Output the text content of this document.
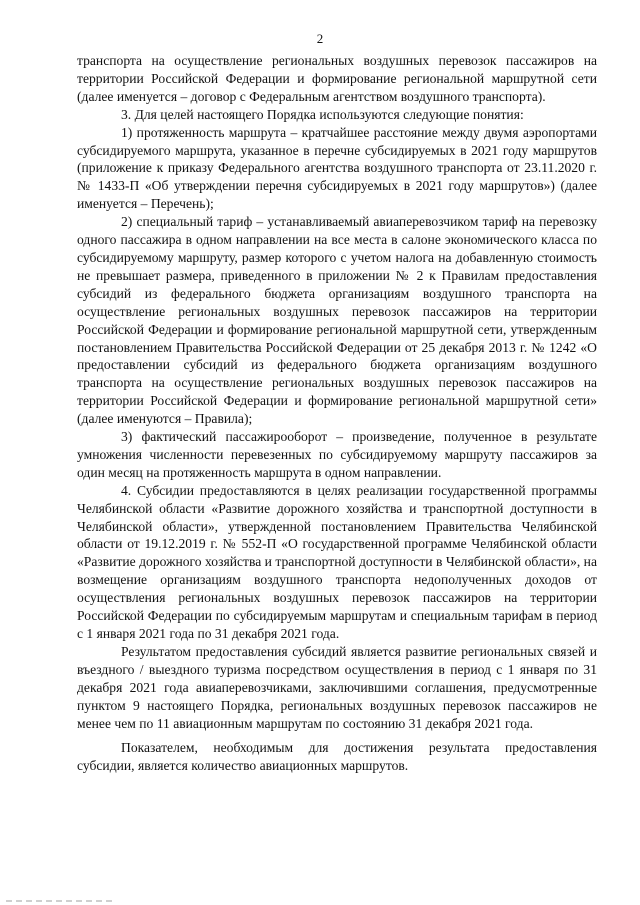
2

транспорта на осуществление региональных воздушных перевозок пассажиров на территории Российской Федерации и формирование региональной маршрутной сети (далее именуется – договор с Федеральным агентством воздушного транспорта).

3. Для целей настоящего Порядка используются следующие понятия:

1) протяженность маршрута – кратчайшее расстояние между двумя аэропортами субсидируемого маршрута, указанное в перечне субсидируемых в 2021 году маршрутов (приложение к приказу Федерального агентства воздушного транспорта от 23.11.2020 г. № 1433-П «Об утверждении перечня субсидируемых в 2021 году маршрутов») (далее именуется – Перечень);

2) специальный тариф – устанавливаемый авиаперевозчиком тариф на перевозку одного пассажира в одном направлении на все места в салоне экономического класса по субсидируемому маршруту, размер которого с учетом налога на добавленную стоимость не превышает размера, приведенного в приложении № 2 к Правилам предоставления субсидий из федерального бюджета организациям воздушного транспорта на осуществление региональных воздушных перевозок пассажиров на территории Российской Федерации и формирование региональной маршрутной сети, утвержденным постановлением Правительства Российской Федерации от 25 декабря 2013 г. № 1242 «О предоставлении субсидий из федерального бюджета организациям воздушного транспорта на осуществление региональных воздушных перевозок пассажиров на территории Российской Федерации и формирование региональной маршрутной сети» (далее именуются – Правила);

3) фактический пассажирооборот – произведение, полученное в результате умножения численности перевезенных по субсидируемому маршруту пассажиров за один месяц на протяженность маршрута в одном направлении.

4. Субсидии предоставляются в целях реализации государственной программы Челябинской области «Развитие дорожного хозяйства и транспортной доступности в Челябинской области», утвержденной постановлением Правительства Челябинской области от 19.12.2019 г. № 552-П «О государственной программе Челябинской области «Развитие дорожного хозяйства и транспортной доступности в Челябинской области», на возмещение организациям воздушного транспорта недополученных доходов от осуществления региональных воздушных перевозок пассажиров на территории Российской Федерации по субсидируемым маршрутам и специальным тарифам в период с 1 января 2021 года по 31 декабря 2021 года.

Результатом предоставления субсидий является развитие региональных связей и въездного / выездного туризма посредством осуществления в период с 1 января по 31 декабря 2021 года авиаперевозчиками, заключившими соглашения, предусмотренные пунктом 9 настоящего Порядка, региональных воздушных перевозок пассажиров не менее чем по 11 авиационным маршрутам по состоянию 31 декабря 2021 года.

Показателем, необходимым для достижения результата предоставления субсидии, является количество авиационных маршрутов.
